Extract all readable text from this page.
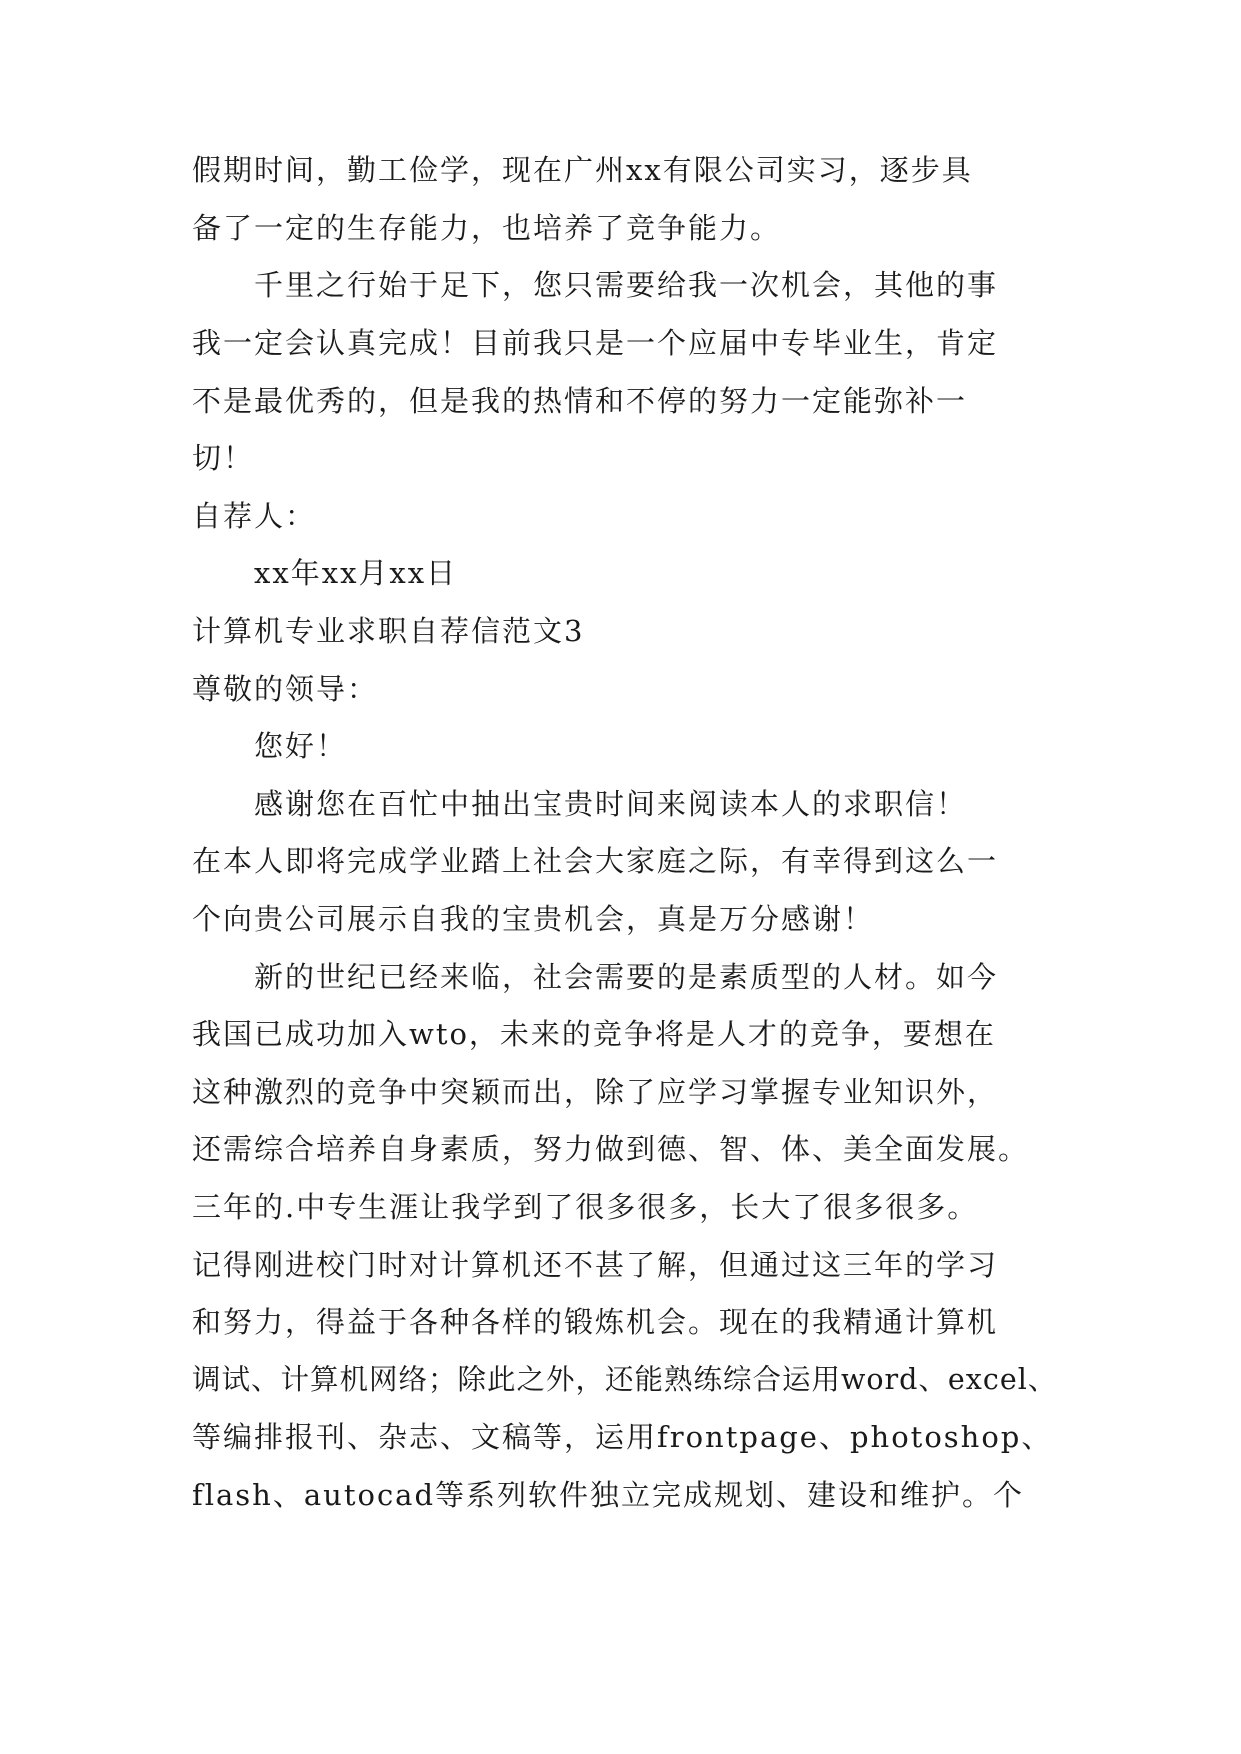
假期时间，勤工俭学，现在广州xx有限公司实习，逐步具
备了一定的生存能力，也培养了竞争能力。
千里之行始于足下，您只需要给我一次机会，其他的事
我一定会认真完成！目前我只是一个应届中专毕业生，肯定
不是最优秀的，但是我的热情和不停的努力一定能弥补一
切！
自荐人：
xx年xx月xx日
计算机专业求职自荐信范文3
尊敬的领导：
您好！
感谢您在百忙中抽出宝贵时间来阅读本人的求职信！
在本人即将完成学业踏上社会大家庭之际，有幸得到这么一
个向贵公司展示自我的宝贵机会，真是万分感谢！
新的世纪已经来临，社会需要的是素质型的人材。如今
我国已成功加入wto，未来的竞争将是人才的竞争，要想在
这种激烈的竞争中突颖而出，除了应学习掌握专业知识外，
还需综合培养自身素质，努力做到德、智、体、美全面发展。
三年的.中专生涯让我学到了很多很多，长大了很多很多。
记得刚进校门时对计算机还不甚了解，但通过这三年的学习
和努力，得益于各种各样的锻炼机会。现在的我精通计算机
调试、计算机网络；除此之外，还能熟练综合运用word、excel、
等编排报刊、杂志、文稿等，运用frontpage、photoshop、
flash、autocad等系列软件独立完成规划、建设和维护。个
